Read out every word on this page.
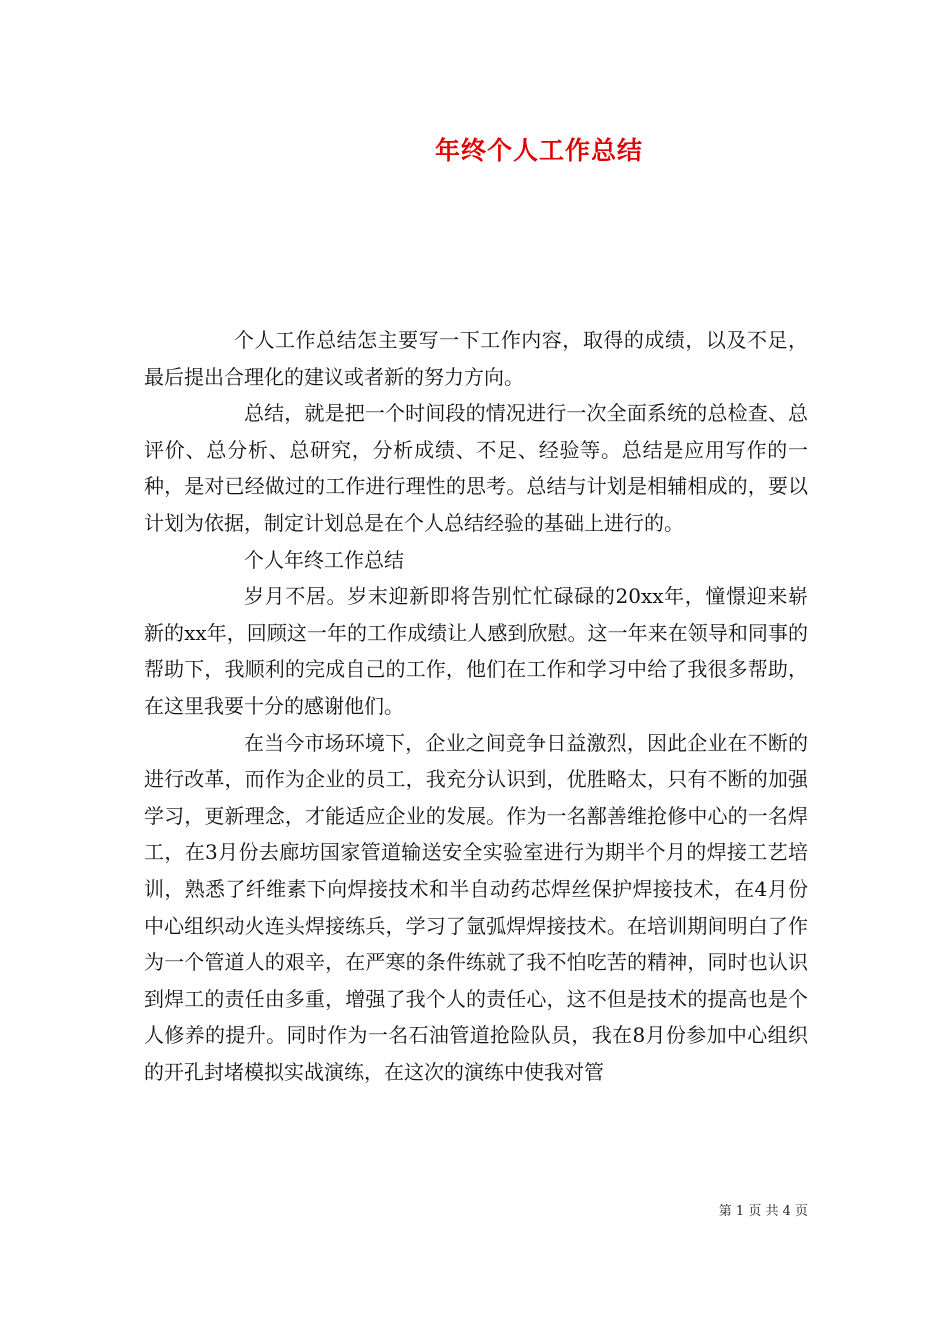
年终个人工作总结

个人工作总结怎主要写一下工作内容，取得的成绩，以及不足，最后提出合理化的建议或者新的努力方向。

总结，就是把一个时间段的情况进行一次全面系统的总检查、总评价、总分析、总研究，分析成绩、不足、经验等。总结是应用写作的一种，是对已经做过的工作进行理性的思考。总结与计划是相辅相成的，要以计划为依据，制定计划总是在个人总结经验的基础上进行的。

个人年终工作总结

岁月不居。岁末迎新即将告别忙忙碌碌的20xx年，憧憬迎来崭新的xx年，回顾这一年的工作成绩让人感到欣慰。这一年来在领导和同事的帮助下，我顺利的完成自己的工作，他们在工作和学习中给了我很多帮助，在这里我要十分的感谢他们。

在当今市场环境下，企业之间竞争日益激烈，因此企业在不断的进行改革，而作为企业的员工，我充分认识到，优胜略太，只有不断的加强学习，更新理念，才能适应企业的发展。作为一名鄯善维抢修中心的一名焊工，在3月份去廊坊国家管道输送安全实验室进行为期半个月的焊接工艺培训，熟悉了纤维素下向焊接技术和半自动药芯焊丝保护焊接技术，在4月份中心组织动火连头焊接练兵，学习了氩弧焊焊接技术。在培训期间明白了作为一个管道人的艰辛，在严寒的条件练就了我不怕吃苦的精神，同时也认识到焊工的责任由多重，增强了我个人的责任心，这不但是技术的提高也是个人修养的提升。同时作为一名石油管道抢险队员，我在8月份参加中心组织的开孔封堵模拟实战演练，在这次的演练中使我对管

第 1 页 共 4 页
